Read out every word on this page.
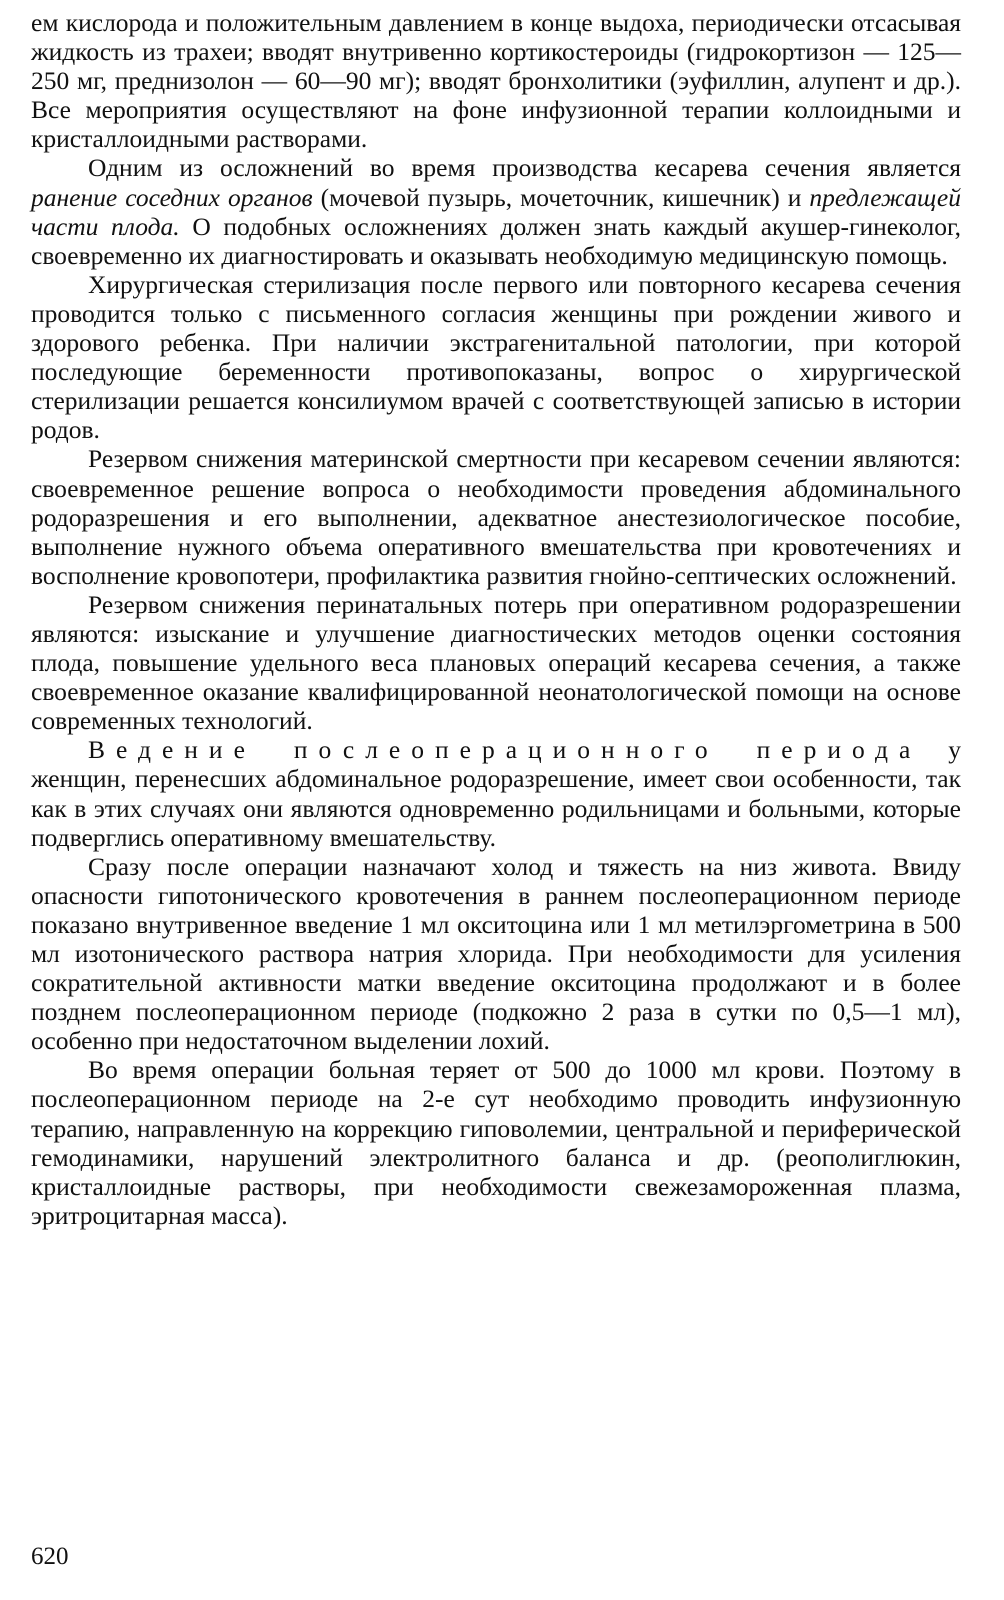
ем кислорода и положительным давлением в конце выдоха, периодически отсасывая жидкость из трахеи; вводят внутривенно кортикостероиды (гидрокортизон — 125—250 мг, преднизолон — 60—90 мг); вводят бронхолитики (эуфиллин, алупент и др.). Все мероприятия осуществляют на фоне инфузионной терапии коллоидными и кристаллоидными растворами.

Одним из осложнений во время производства кесарева сечения является ранение соседних органов (мочевой пузырь, мочеточник, кишечник) и предлежащей части плода. О подобных осложнениях должен знать каждый акушер-гинеколог, своевременно их диагностировать и оказывать необходимую медицинскую помощь.

Хирургическая стерилизация после первого или повторного кесарева сечения проводится только с письменного согласия женщины при рождении живого и здорового ребенка. При наличии экстрагенитальной патологии, при которой последующие беременности противопоказаны, вопрос о хирургической стерилизации решается консилиумом врачей с соответствующей записью в истории родов.

Резервом снижения материнской смертности при кесаревом сечении являются: своевременное решение вопроса о необходимости проведения абдоминального родоразрешения и его выполнении, адекватное анестезиологическое пособие, выполнение нужного объема оперативного вмешательства при кровотечениях и восполнение кровопотери, профилактика развития гнойно-септических осложнений.

Резервом снижения перинатальных потерь при оперативном родоразрешении являются: изыскание и улучшение диагностических методов оценки состояния плода, повышение удельного веса плановых операций кесарева сечения, а также своевременное оказание квалифицированной неонатологической помощи на основе современных технологий.

Ведение послеоперационного периода у женщин, перенесших абдоминальное родоразрешение, имеет свои особенности, так как в этих случаях они являются одновременно родильницами и больными, которые подверглись оперативному вмешательству.

Сразу после операции назначают холод и тяжесть на низ живота. Ввиду опасности гипотонического кровотечения в раннем послеоперационном периоде показано внутривенное введение 1 мл окситоцина или 1 мл метилэргометрина в 500 мл изотонического раствора натрия хлорида. При необходимости для усиления сократительной активности матки введение окситоцина продолжают и в более позднем послеоперационном периоде (подкожно 2 раза в сутки по 0,5—1 мл), особенно при недостаточном выделении лохий.

Во время операции больная теряет от 500 до 1000 мл крови. Поэтому в послеоперационном периоде на 2-е сут необходимо проводить инфузионную терапию, направленную на коррекцию гиповолемии, центральной и периферической гемодинамики, нарушений электролитного баланса и др. (реополиглюкин, кристаллоидные растворы, при необходимости свежезамороженная плазма, эритроцитарная масса).

620
